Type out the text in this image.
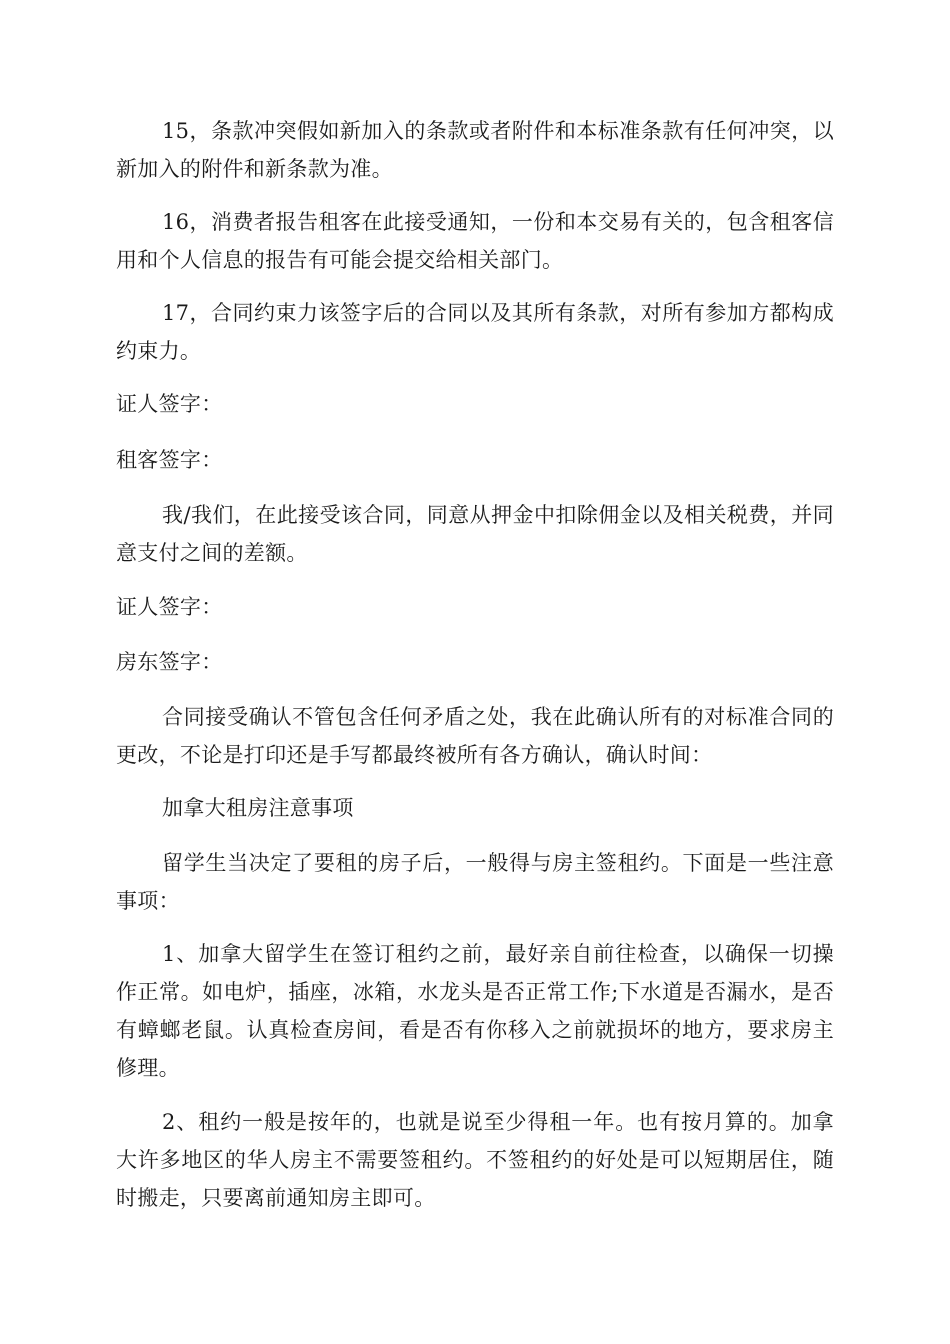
15，条款冲突假如新加入的条款或者附件和本标准条款有任何冲突，以新加入的附件和新条款为准。

16，消费者报告租客在此接受通知，一份和本交易有关的，包含租客信用和个人信息的报告有可能会提交给相关部门。

17，合同约束力该签字后的合同以及其所有条款，对所有参加方都构成约束力。

证人签字：

租客签字：

我/我们，在此接受该合同，同意从押金中扣除佣金以及相关税费，并同意支付之间的差额。

证人签字：

房东签字：

合同接受确认不管包含任何矛盾之处，我在此确认所有的对标准合同的更改，不论是打印还是手写都最终被所有各方确认，确认时间：

加拿大租房注意事项

留学生当决定了要租的房子后，一般得与房主签租约。下面是一些注意事项：

1、加拿大留学生在签订租约之前，最好亲自前往检查，以确保一切操作正常。如电炉，插座，冰箱，水龙头是否正常工作;下水道是否漏水，是否有蟑螂老鼠。认真检查房间，看是否有你移入之前就损坏的地方，要求房主修理。

2、租约一般是按年的，也就是说至少得租一年。也有按月算的。加拿大许多地区的华人房主不需要签租约。不签租约的好处是可以短期居住，随时搬走，只要离前通知房主即可。
